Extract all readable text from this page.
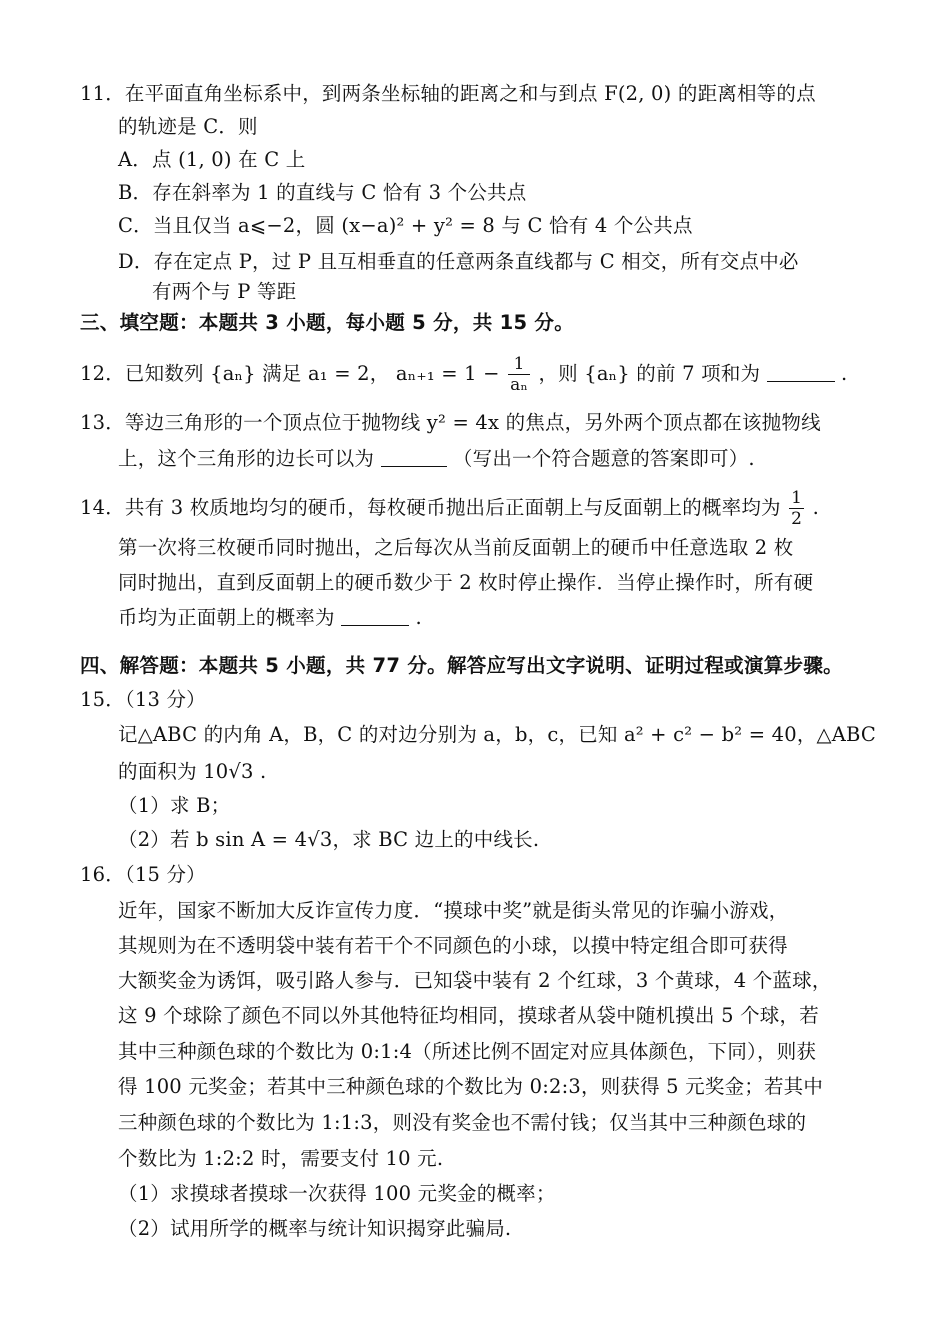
11．在平面直角坐标系中，到两条坐标轴的距离之和与到点 F(2, 0) 的距离相等的点
的轨迹是 C．则
A．点 (1, 0) 在 C 上
B．存在斜率为 1 的直线与 C 恰有 3 个公共点
C．当且仅当 a⩽−2，圆 (x−a)² + y² = 8 与 C 恰有 4 个公共点
D．存在定点 P，过 P 且互相垂直的任意两条直线都与 C 相交，所有交点中必
有两个与 P 等距
三、填空题：本题共 3 小题，每小题 5 分，共 15 分。
12．已知数列 {aₙ} 满足 a₁ = 2， $a_{n+1} = 1 - \frac{1}{\text{aₙ}}$ ，则 {aₙ} 的前 7 项和为	.
13．等边三角形的一个顶点位于抛物线 y² = 4x 的焦点，另外两个顶点都在该抛物线
上，这个三角形的边长可以为	（写出一个符合题意的答案即可）.
14．共有 3 枚质地均匀的硬币，每枚硬币抛出后正面朝上与反面朝上的概率均为 $\frac{1}{2}$ .
第一次将三枚硬币同时抛出，之后每次从当前反面朝上的硬币中任意选取 2 枚
同时抛出，直到反面朝上的硬币数少于 2 枚时停止操作．当停止操作时，所有硬
币均为正面朝上的概率为	.
四、解答题：本题共 5 小题，共 77 分。解答应写出文字说明、证明过程或演算步骤。
15．（13 分）
记△ABC 的内角 A，B，C 的对边分别为 a，b，c，已知 a² + c² − b² = 40，△ABC
的面积为 10√3 .
（1）求 B；
（2）若 b sin A = 4√3，求 BC 边上的中线长.
16．（15 分）
近年，国家不断加大反诈宣传力度．“摸球中奖”就是街头常见的诈骗小游戏，
其规则为在不透明袋中装有若干个不同颜色的小球，以摸中特定组合即可获得
大额奖金为诱饵，吸引路人参与．已知袋中装有 2 个红球，3 个黄球，4 个蓝球，
这 9 个球除了颜色不同以外其他特征均相同，摸球者从袋中随机摸出 5 个球，若
其中三种颜色球的个数比为 0:1:4（所述比例不固定对应具体颜色，下同），则获
得 100 元奖金；若其中三种颜色球的个数比为 0:2:3，则获得 5 元奖金；若其中
三种颜色球的个数比为 1:1:3，则没有奖金也不需付钱；仅当其中三种颜色球的
个数比为 1:2:2 时，需要支付 10 元.
（1）求摸球者摸球一次获得 100 元奖金的概率；
（2）试用所学的概率与统计知识揭穿此骗局.
